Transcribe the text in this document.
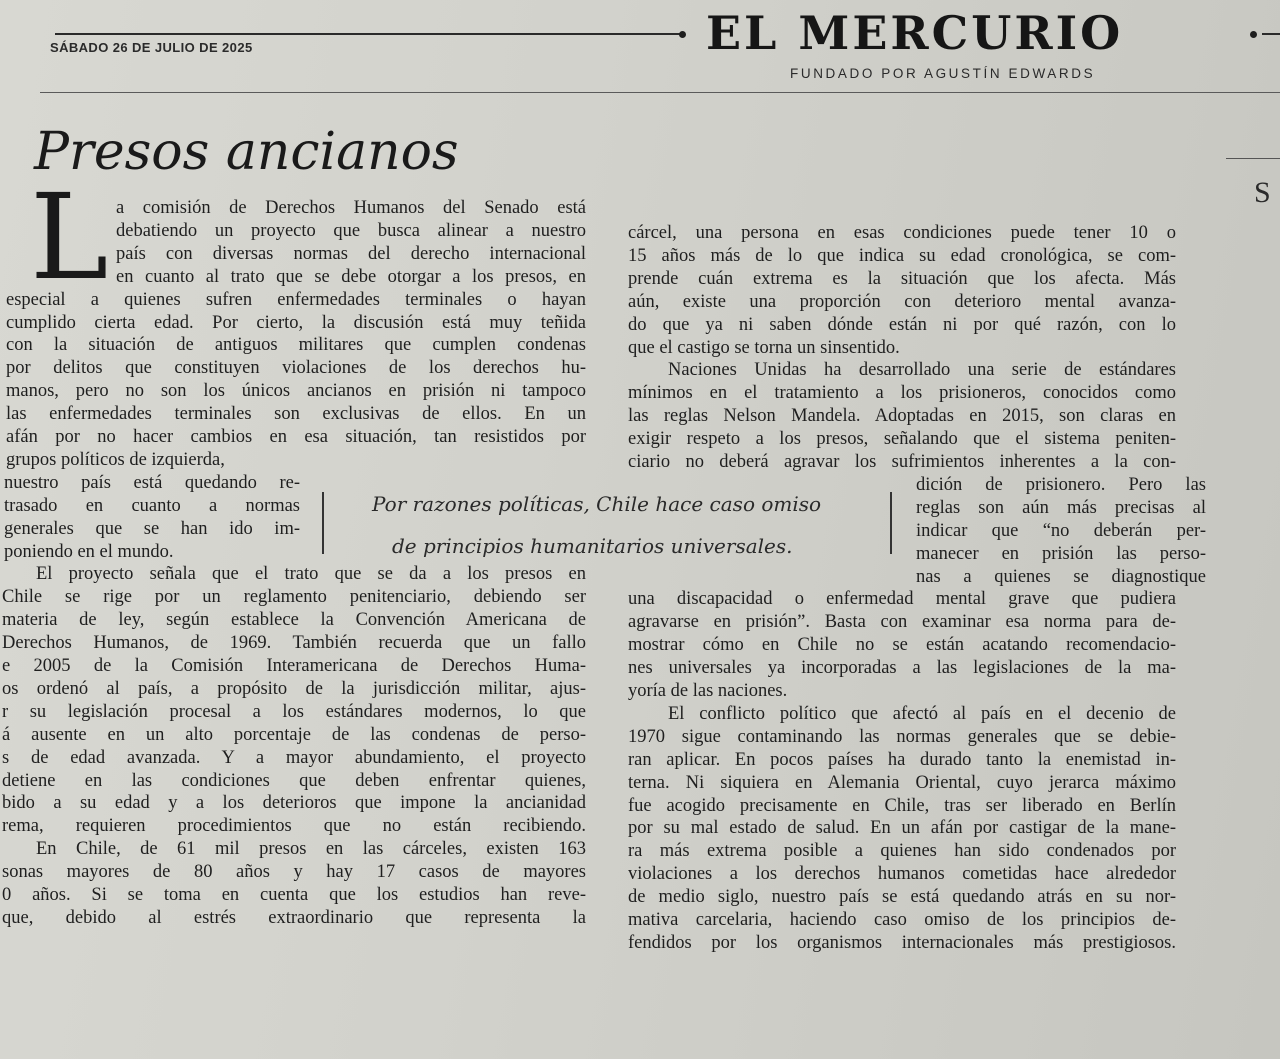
SÁBADO 26 DE JULIO DE 2025	EL MERCURIO
FUNDADO POR AGUSTÍN EDWARDS
Presos ancianos
S
L a comisión de Derechos Humanos del Senado está
debatiendo un proyecto que busca alinear a nuestro
país con diversas normas del derecho internacional
en cuanto al trato que se debe otorgar a los presos, en
especial a quienes sufren enfermedades terminales o hayan
cumplido cierta edad. Por cierto, la discusión está muy teñida
con la situación de antiguos militares que cumplen condenas
por delitos que constituyen violaciones de los derechos hu-
manos, pero no son los únicos ancianos en prisión ni tampoco
las enfermedades terminales son exclusivas de ellos. En un
afán por no hacer cambios en esa situación, tan resistidos por
grupos políticos de izquierda,
nuestro país está quedando re-
trasado en cuanto a normas
generales que se han ido im-
poniendo en el mundo.
El proyecto señala que el trato que se da a los presos en
Chile se rige por un reglamento penitenciario, debiendo ser
materia de ley, según establece la Convención Americana de
Derechos Humanos, de 1969. También recuerda que un fallo
e 2005 de la Comisión Interamericana de Derechos Huma-
os ordenó al país, a propósito de la jurisdicción militar, ajus-
r su legislación procesal a los estándares modernos, lo que
á ausente en un alto porcentaje de las condenas de perso-
s de edad avanzada. Y a mayor abundamiento, el proyecto
detiene en las condiciones que deben enfrentar quienes,
bido a su edad y a los deterioros que impone la ancianidad
rema, requieren procedimientos que no están recibiendo.
En Chile, de 61 mil presos en las cárceles, existen 163
sonas mayores de 80 años y hay 17 casos de mayores
0 años. Si se toma en cuenta que los estudios han reve-
que, debido al estrés extraordinario que representa la
cárcel, una persona en esas condiciones puede tener 10 o
15 años más de lo que indica su edad cronológica, se com-
prende cuán extrema es la situación que los afecta. Más
aún, existe una proporción con deterioro mental avanza-
do que ya ni saben dónde están ni por qué razón, con lo
que el castigo se torna un sinsentido.
Naciones Unidas ha desarrollado una serie de estándares
mínimos en el tratamiento a los prisioneros, conocidos como
las reglas Nelson Mandela. Adoptadas en 2015, son claras en
exigir respeto a los presos, señalando que el sistema peniten-
ciario no deberá agravar los sufrimientos inherentes a la con-
dición de prisionero. Pero las
reglas son aún más precisas al
indicar que “no deberán per-
manecer en prisión las perso-
nas a quienes se diagnostique
una discapacidad o enfermedad mental grave que pudiera
agravarse en prisión”. Basta con examinar esa norma para de-
mostrar cómo en Chile no se están acatando recomendacio-
nes universales ya incorporadas a las legislaciones de la ma-
yoría de las naciones.
El conflicto político que afectó al país en el decenio de
1970 sigue contaminando las normas generales que se debie-
ran aplicar. En pocos países ha durado tanto la enemistad in-
terna. Ni siquiera en Alemania Oriental, cuyo jerarca máximo
fue acogido precisamente en Chile, tras ser liberado en Berlín
por su mal estado de salud. En un afán por castigar de la mane-
ra más extrema posible a quienes han sido condenados por
violaciones a los derechos humanos cometidas hace alrededor
de medio siglo, nuestro país se está quedando atrás en su nor-
mativa carcelaria, haciendo caso omiso de los principios de-
fendidos por los organismos internacionales más prestigiosos.
Por razones políticas, Chile hace caso omiso
de principios humanitarios universales.
